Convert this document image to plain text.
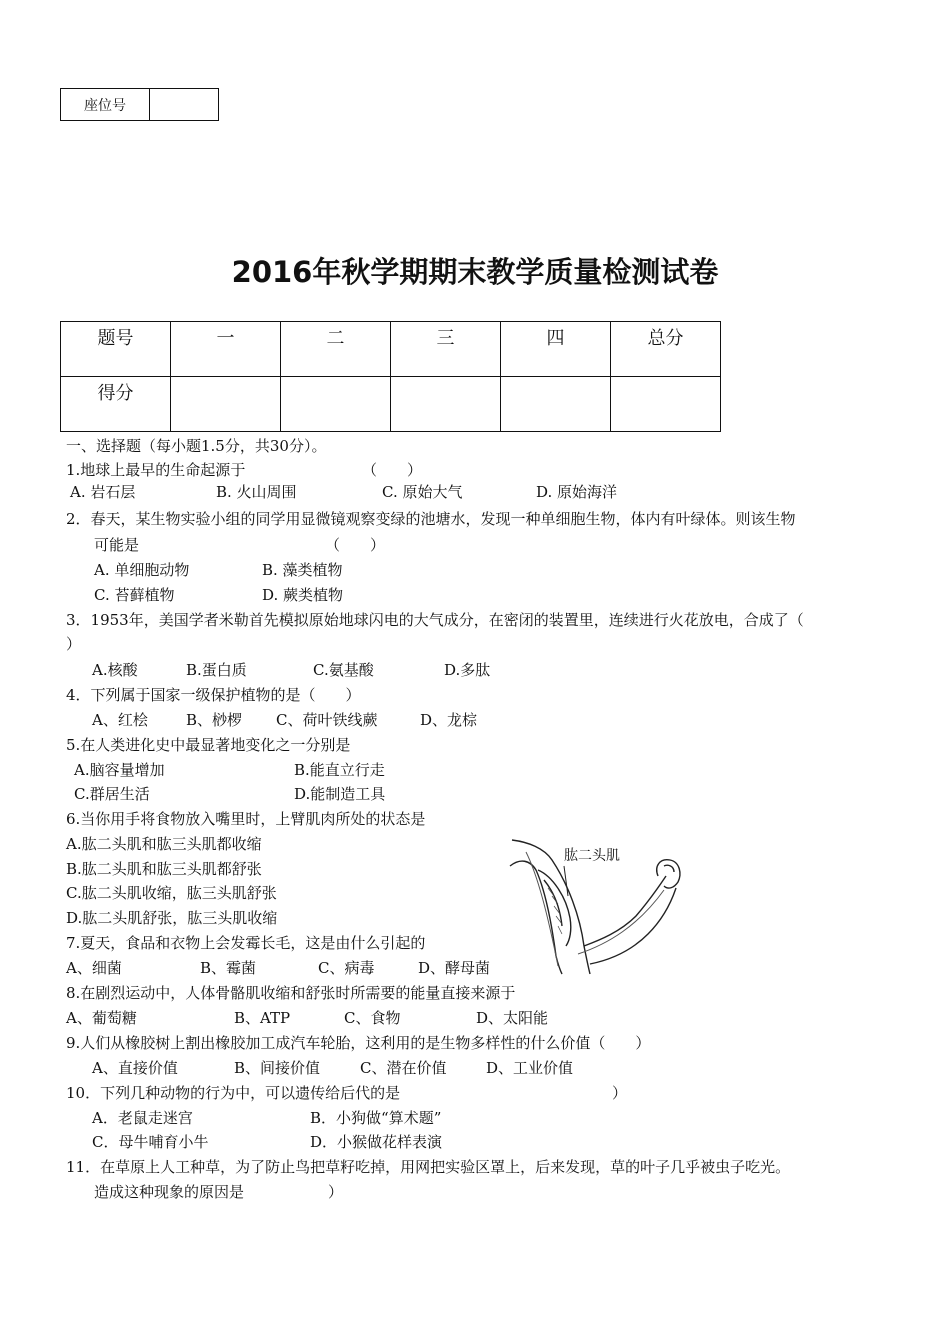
座位号	
2016年秋学期期末教学质量检测试卷
题号	一	二	三	四	总分
得分					
一、选择题（每小题1.5分，共30分）。
1.地球上最早的生命起源于	（　　）
A. 岩石层	B. 火山周围	C. 原始大气	D. 原始海洋
2．春天，某生物实验小组的同学用显微镜观察变绿的池塘水，发现一种单细胞生物，体内有叶绿体。则该生物
可能是	（　　）
A. 单细胞动物	B. 藻类植物
C. 苔藓植物	D. 蕨类植物
3．1953年，美国学者米勒首先模拟原始地球闪电的大气成分，在密闭的装置里，连续进行火花放电，合成了（
）
A.核酸	B.蛋白质	C.氨基酸	D.多肽
4．下列属于国家一级保护植物的是（　　）
A、红桧	B、桫椤 C、荷叶铁线蕨	D、龙棕
5.在人类进化史中最显著地变化之一分别是
A.脑容量增加	B.能直立行走
C.群居生活	D.能制造工具
6.当你用手将食物放入嘴里时，上臂肌肉所处的状态是
A.肱二头肌和肱三头肌都收缩
B.肱二头肌和肱三头肌都舒张
C.肱二头肌收缩，肱三头肌舒张
D.肱二头肌舒张，肱三头肌收缩
肱二头肌
7.夏天，食品和衣物上会发霉长毛，这是由什么引起的
A、细菌	B、霉菌	C、病毒	D、酵母菌
8.在剧烈运动中，人体骨骼肌收缩和舒张时所需要的能量直接来源于
A、葡萄糖	B、ATP	C、食物	D、太阳能
9.人们从橡胶树上割出橡胶加工成汽车轮胎，这利用的是生物多样性的什么价值（　　）
A、直接价值	B、间接价值	C、潜在价值	D、工业价值
10．下列几种动物的行为中，可以遗传给后代的是	）
A．老鼠走迷宫	B．小狗做“算术题”
C．母牛哺育小牛	D．小猴做花样表演
11．在草原上人工种草，为了防止鸟把草籽吃掉，用网把实验区罩上，后来发现，草的叶子几乎被虫子吃光。
造成这种现象的原因是	）
